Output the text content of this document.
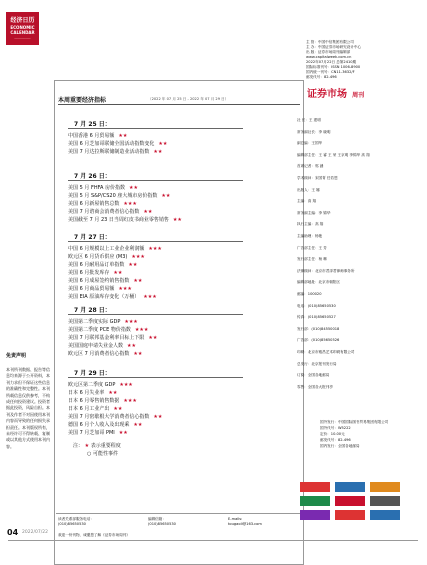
经济日历
ECONOMIC
CALENDAR
─────────
免责声明
本刊所刊数据、报告等信息均来源于公开资料，本刊力求但不保证这些信息的准确性和完整性。本刊所载信息仅供参考，不构成任何投资建议。投资者据此投资，风险自担。本刊及作者不对因使用本刊内容而导致的任何损失承担责任。本刊版权所有，未经许可不得转载、复制或以其他方式使用本刊内容。
本周重要经济指标	（2022 年 07 月 25 日 - 2022 年 07 月 29 日）
7 月 25 日：
中国香港 6 月贸易额 ★★
美国 6 月芝加哥联储全国活动指数变化 ★★
美国 7 月达拉斯联储制造业活动指数 ★★
7 月 26 日：
美国 5 月 FHFA 房价指数 ★★
美国 5 月 S&P/CS20 座大城市房价指数 ★★
美国 6 月新屋销售总数 ★★★
美国 7 月谘商会消费者信心指数 ★★
美国截至 7 月 23 日当周红皮书商业零售销售 ★★
7 月 27 日：
中国 6 月规模以上工业企业利润额 ★★★
欧元区 6 月货币供应 (M3) ★★★
美国 6 月耐用品订单指数 ★★
美国 6 月批发库存 ★★
美国 6 月成屋签约销售指数 ★★
美国 6 月商品贸易额 ★★★
美国 EIA 原油库存变化（万桶） ★★★
7 月 28 日：
美国第二季度实际 GDP ★★★
美国第二季度 PCE 物价指数 ★★★
美国 7 月联邦基金利率目标上下限 ★★
美国国庭申请失业金人数 ★★
欧元区 7 月消费者信心指数 ★★
7 月 29 日：
欧元区第二季度 GDP ★★★
日本 6 月失业率 ★★
日本 6 月零售销售数据 ★★★
日本 6 月工业产出 ★★
美国 7 月密歇根大学消费者信心指数 ★★
德国 6 月个人收入及出现乘 ★★
美国 7 月芝加哥 PMI ★★
注： ★ 表示重要程度
○ 可能性事件
读者关系部服务电话：
(010)85650530
编辑信箱：
(010)85650530
E-mails:
tougaoli@163.com
欢迎一份刊物，诚邀您了解《证券市场周刊》
主 管：中国中信集团有限公司
主 办：中国证券市场研究设计中心
出 版：证券市场周刊编辑部
www.capitalweek.com.cn
2022年07月22日 总第2410期
国际标准刊号：ISSN 1006-8900
国内统一刊号：CN11-3632/F
邮发代号：82-496
证券市场 周刊
社 长：王 建明
常务副社长：李 晓明
副总编：王国华
编辑部主任：王 睿 王 荣 王京明 李锦华 高 翔
首席记者：郭 涵
学术顾问：宋国青 任若恩
出版人：王 娜
主编：高 翔
常务副主编：李 锦华
执行主编：高 翔
主编助理：杨艳
广告部主任：王 芳
发行部主任：杨 琳
法律顾问：北京市君泽君律师事务所
编辑部地址：北京市朝阳区
邮编：100020
电话：(010)85650530
传真：(010)85650527
发行部：(010)84550018
广告部：(010)85650526
印刷：北京市雅昌艺术印刷有限公司
总发行：北京报刊发行局
订阅：全国各地邮局
零售：全国各大报刊亭
国外发行：中国国际图书贸易集团有限公司
国外代号：W5222
定价：10.00元
邮发代号：82-496
国内发行：全国各地邮局
04 2022/07/22
